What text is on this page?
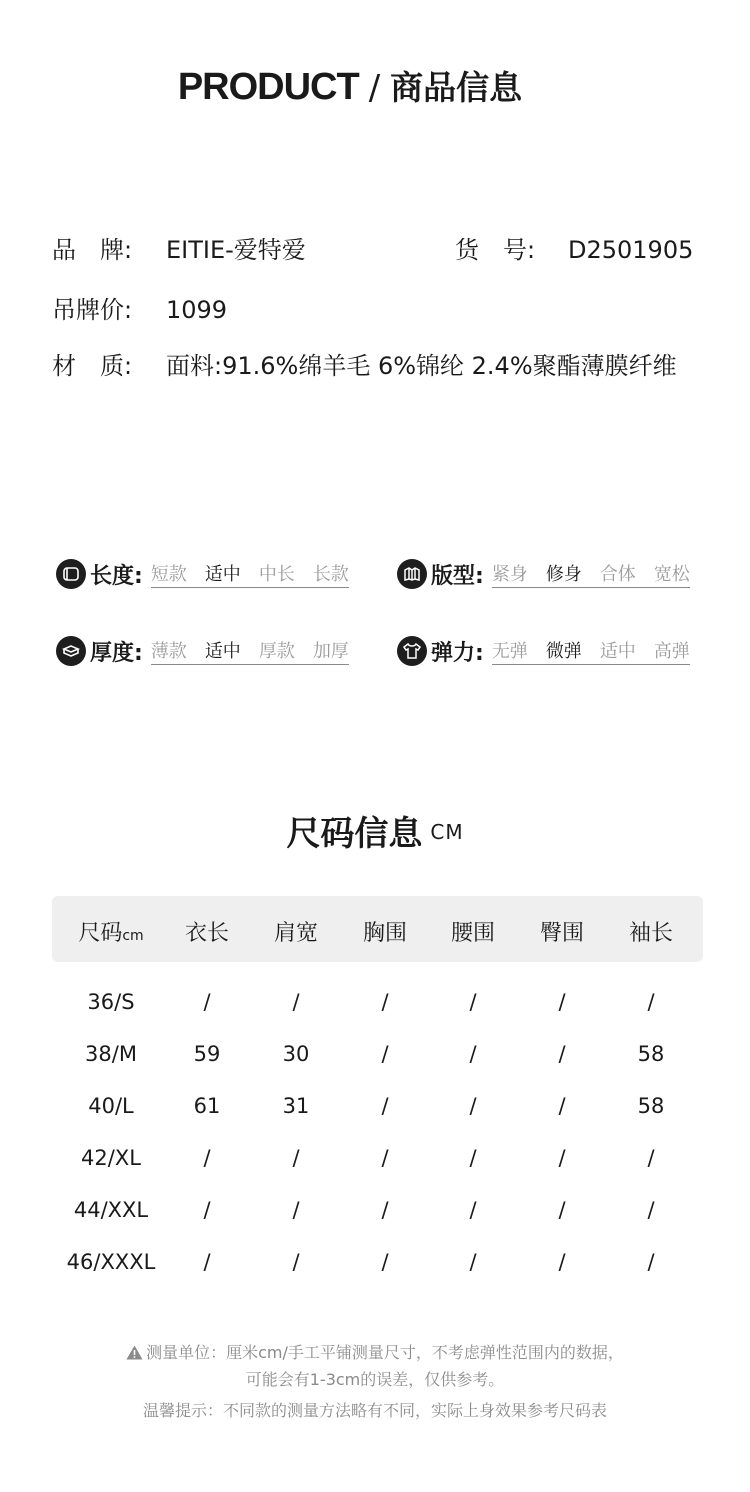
PRODUCT / 商品信息
品　牌: EITIE-爱特爱	货　号: D2501905
吊牌价: 1099
材　质: 面料:91.6%绵羊毛 6%锦纶 2.4%聚酯薄膜纤维
长度: 短款 适中 中长 长款	版型: 紧身 修身 合体 宽松
厚度: 薄款 适中 厚款 加厚	弹力: 无弹 微弹 适中 高弹
尺码信息 CM
尺码cm	衣长	肩宽	胸围	腰围	臀围	袖长
36/S	/	/	/	/	/	/
38/M	59	30	/	/	/	58
40/L	61	31	/	/	/	58
42/XL	/	/	/	/	/	/
44/XXL	/	/	/	/	/	/
46/XXXL	/	/	/	/	/	/
测量单位：厘米cm/手工平铺测量尺寸，不考虑弹性范围内的数据，
可能会有1-3cm的误差，仅供参考。
温馨提示：不同款的测量方法略有不同，实际上身效果参考尺码表
